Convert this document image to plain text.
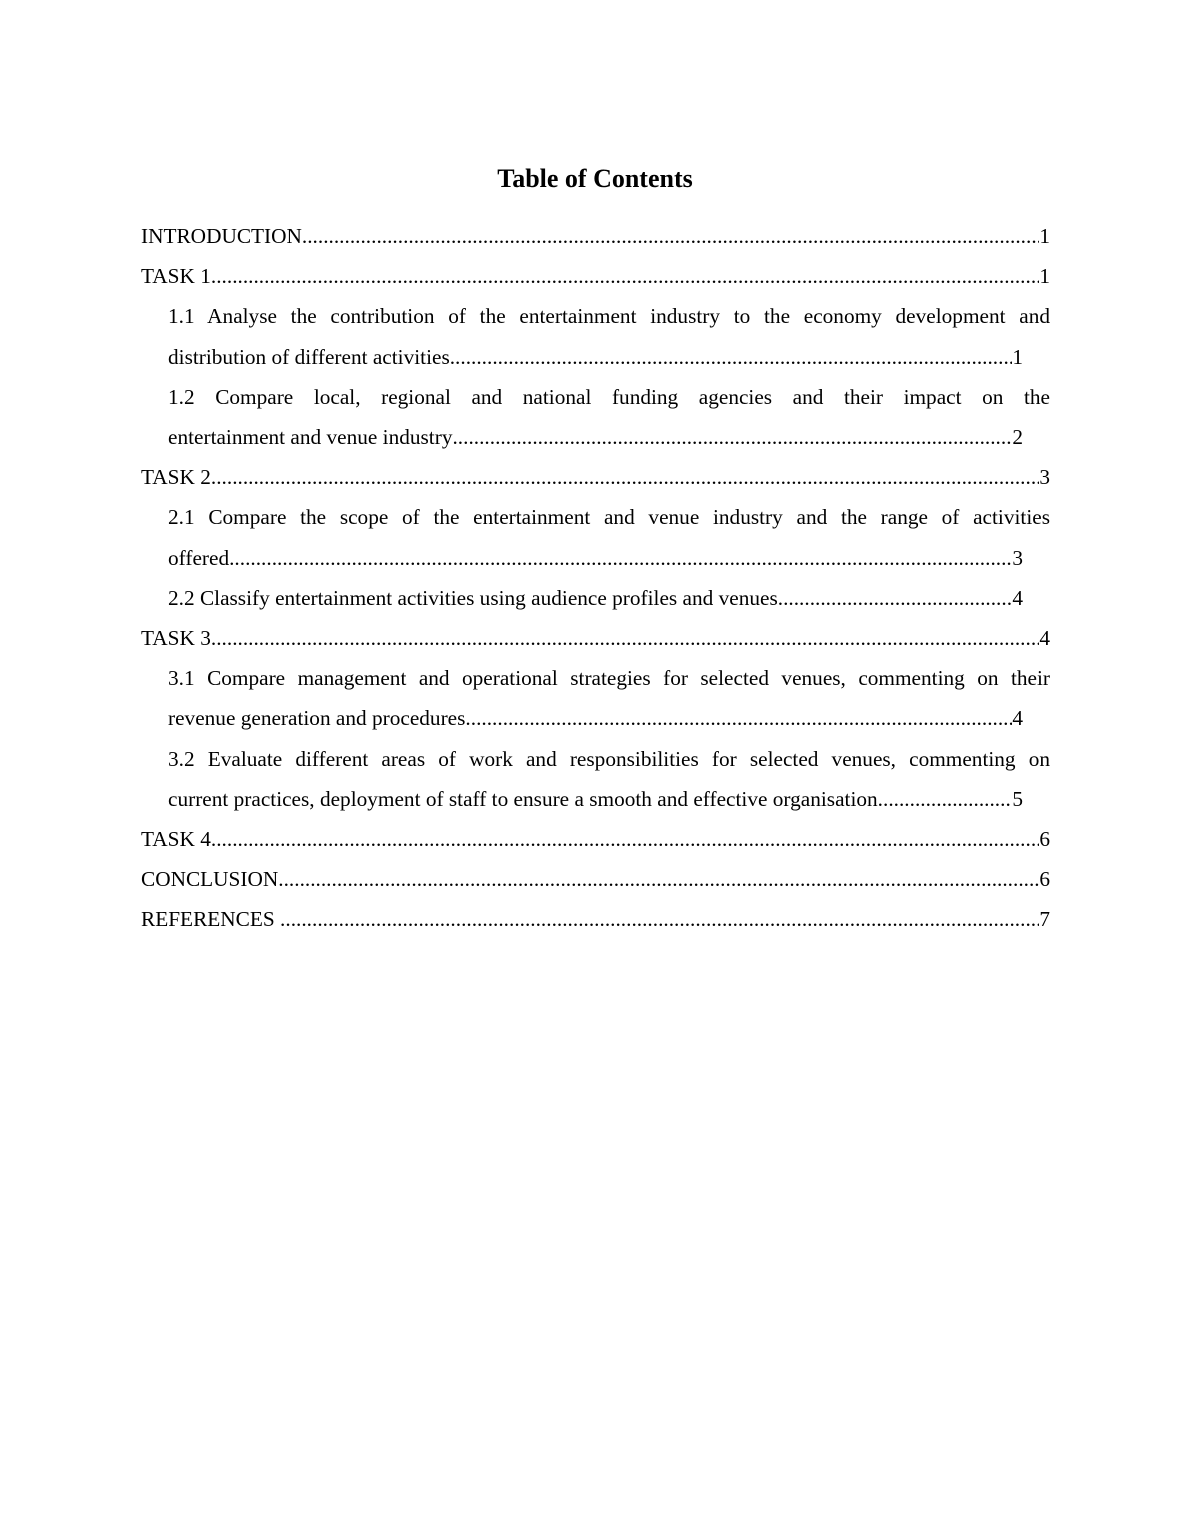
Table of Contents
INTRODUCTION .....	1
TASK 1 .....	1
1.1 Analyse the contribution of the entertainment industry to the economy development and
distribution of different activities .....	1
1.2 Compare local, regional and national funding agencies and their impact on the
entertainment and venue industry .....	2
TASK 2 .....	3
2.1 Compare the scope of the entertainment and venue industry and the range of activities
offered .....	3
2.2 Classify entertainment activities using audience profiles and venues .....	4
TASK 3 .....	4
3.1 Compare management and operational strategies for selected venues, commenting on their
revenue generation and procedures .....	4
3.2 Evaluate different areas of work and responsibilities for selected venues, commenting on
current practices, deployment of staff to ensure a smooth and effective organisation .....	5
TASK 4 .....	6
CONCLUSION .....	6
REFERENCES .....	7
